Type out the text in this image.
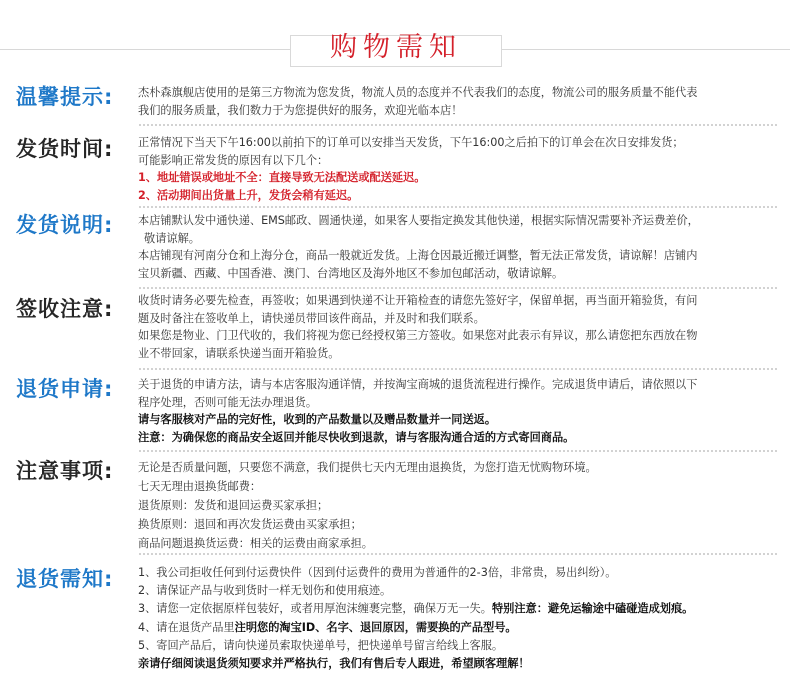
购物需知
温馨提示: 杰朴森旗舰店使用的是第三方物流为您发货，物流人员的态度并不代表我们的态度，物流公司的服务质量不能代表

我们的服务质量，我们数力于为您提供好的服务，欢迎光临本店！

发货时间: 正常情况下当天下午16:00以前拍下的订单可以安排当天发货，下午16:00之后拍下的订单会在次日安排发货；

可能影响正常发货的原因有以下几个：

1、地址错误或地址不全：直接导致无法配送或配送延迟。

2、活动期间出货量上升，发货会稍有延迟。

发货说明: 本店铺默认发中通快递、EMS邮政、圆通快递，如果客人要指定换发其他快递，根据实际情况需要补齐运费差价，

敬请谅解。

本店铺现有河南分仓和上海分仓，商品一般就近发货。上海仓因最近搬迁调整，暂无法正常发货，请谅解！店铺内

宝贝新疆、西藏、中国香港、澳门、台湾地区及海外地区不参加包邮活动，敬请谅解。

签收注意: 收货时请务必要先检查，再签收；如果遇到快递不让开箱检查的请您先签好字，保留单据，再当面开箱验货，有问

题及时备注在签收单上，请快递员带回该件商品，并及时和我们联系。

如果您是物业、门卫代收的，我们将视为您已经授权第三方签收。如果您对此表示有异议，那么请您把东西放在物

业不带回家，请联系快递当面开箱验货。

退货申请: 关于退货的申请方法，请与本店客服沟通详情，并按淘宝商城的退货流程进行操作。完成退货申请后，请依照以下

程序处理，否则可能无法办理退货。

请与客服核对产品的完好性，收到的产品数量以及赠品数量并一同送返。

注意：为确保您的商品安全返回并能尽快收到退款，请与客服沟通合适的方式寄回商品。

注意事项: 无论是否质量问题，只要您不满意，我们提供七天内无理由退换货，为您打造无忧购物环境。

七天无理由退换货邮费：

退货原则：发货和退回运费买家承担；

换货原则：退回和再次发货运费由买家承担；

商品问题退换货运费：相关的运费由商家承担。

退货需知: 1、我公司拒收任何到付运费快件（因到付运费件的费用为普通件的2-3倍，非常贵，易出纠纷）。

2、请保证产品与收到货时一样无划伤和使用痕迹。

3、请您一定依据原样包装好，或者用厚泡沫缠裹完整，确保万无一失。特别注意：避免运输途中磕碰造成划痕。

4、请在退货产品里注明您的淘宝ID、名字、退回原因，需要换的产品型号。

5、寄回产品后，请向快递员索取快递单号，把快递单号留言给线上客服。

亲请仔细阅读退货须知要求并严格执行，我们有售后专人跟进，希望顾客理解！
